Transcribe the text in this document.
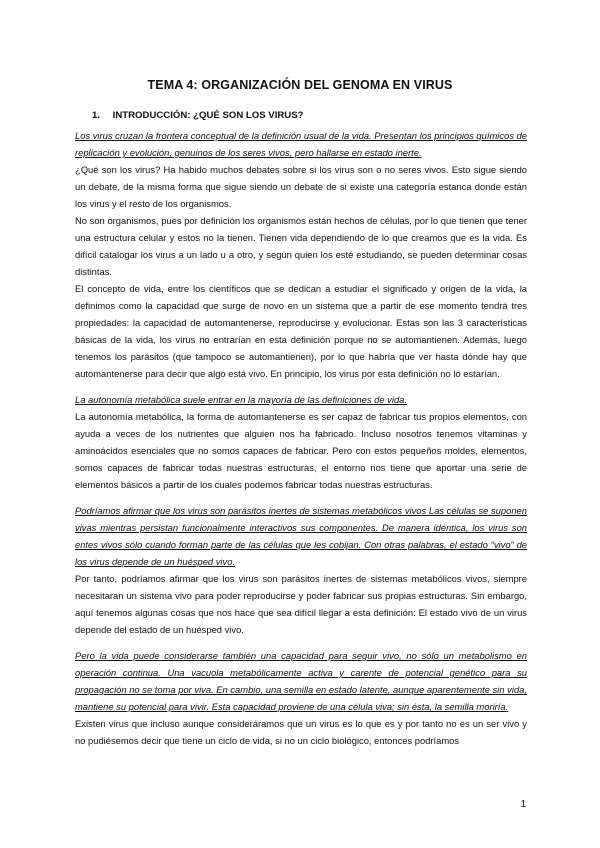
TEMA 4: ORGANIZACIÓN DEL GENOMA EN VIRUS
1. INTRODUCCIÓN: ¿QUÉ SON LOS VIRUS?

Los virus cruzan la frontera conceptual de la definición usual de la vida. Presentan los principios químicos de replicación y evolución, genuinos de los seres vivos, pero hallarse en estado inerte.

¿Qué son los virus? Ha habido muchos debates sobre si los virus son o no seres vivos. Esto sigue siendo un debate, de la misma forma que sigue siendo un debate de si existe una categoría estanca donde están los virus y el resto de los organismos.

No son organismos, pues por definición los organismos están hechos de células, por lo que tienen que tener una estructura celular y estos no la tienen. Tienen vida dependiendo de lo que creamos que es la vida. Es difícil catalogar los virus a un lado u a otro, y según quien los esté estudiando, se pueden determinar cosas distintas.

El concepto de vida, entre los científicos que se dedican a estudiar el significado y origen de la vida, la definimos como la capacidad que surge de novo en un sistema que a partir de ese momento tendrá tres propiedades: la capacidad de automantenerse, reproducirse y evolucionar. Estas son las 3 características básicas de la vida, los virus no entrarían en esta definición porque no se automantienen. Además, luego tenemos los parásitos (que tampoco se automantienen), por lo que habría que ver hasta dónde hay que automantenerse para decir que algo está vivo. En principio, los virus por esta definición no lo estarían.

La autonomía metabólica suele entrar en la mayoría de las definiciones de vida.

La autonomía metabólica, la forma de automantenerse es ser capaz de fabricar tus propios elementos, con ayuda a veces de los nutrientes que alguien nos ha fabricado. Incluso nosotros tenemos vitaminas y aminoácidos esenciales que no somos capaces de fabricar. Pero con estos pequeños moldes, elementos, somos capaces de fabricar todas nuestras estructuras, el entorno nos tiene que aportar una serie de elementos básicos a partir de los cuales podemos fabricar todas nuestras estructuras.

Podríamos afirmar que los virus son parásitos inertes de sistemas metabólicos vivos Las células se suponen vivas mientras persistan funcionalmente interactivos sus componentes. De manera idéntica, los virus son entes vivos sólo cuando forman parte de las células que les cobijan. Con otras palabras, el estado “vivo” de los virus depende de un huésped vivo.

Por tanto, podríamos afirmar que los virus son parásitos inertes de sistemas metabólicos vivos, siempre necesitaran un sistema vivo para poder reproducirse y poder fabricar sus propias estructuras. Sin embargo, aquí tenemos algunas cosas que nos hace que sea difícil llegar a esta definición: El estado vivo de un virus depende del estado de un huésped vivo.

Pero la vida puede considerarse también una capacidad para seguir vivo, no sólo un metabolismo en operación continua. Una vacuola metabólicamente activa y carente de potencial genético para su propagación no se toma por viva. En cambio, una semilla en estado latente, aunque aparentemente sin vida, mantiene su potencial para vivir. Esta capacidad proviene de una célula viva; sin ésta, la semilla moriría.

Existen virus que incluso aunque consideráramos que un virus es lo que es y por tanto no es un ser vivo y no pudiésemos decir que tiene un ciclo de vida, si no un ciclo biológico, entonces podríamos

1
